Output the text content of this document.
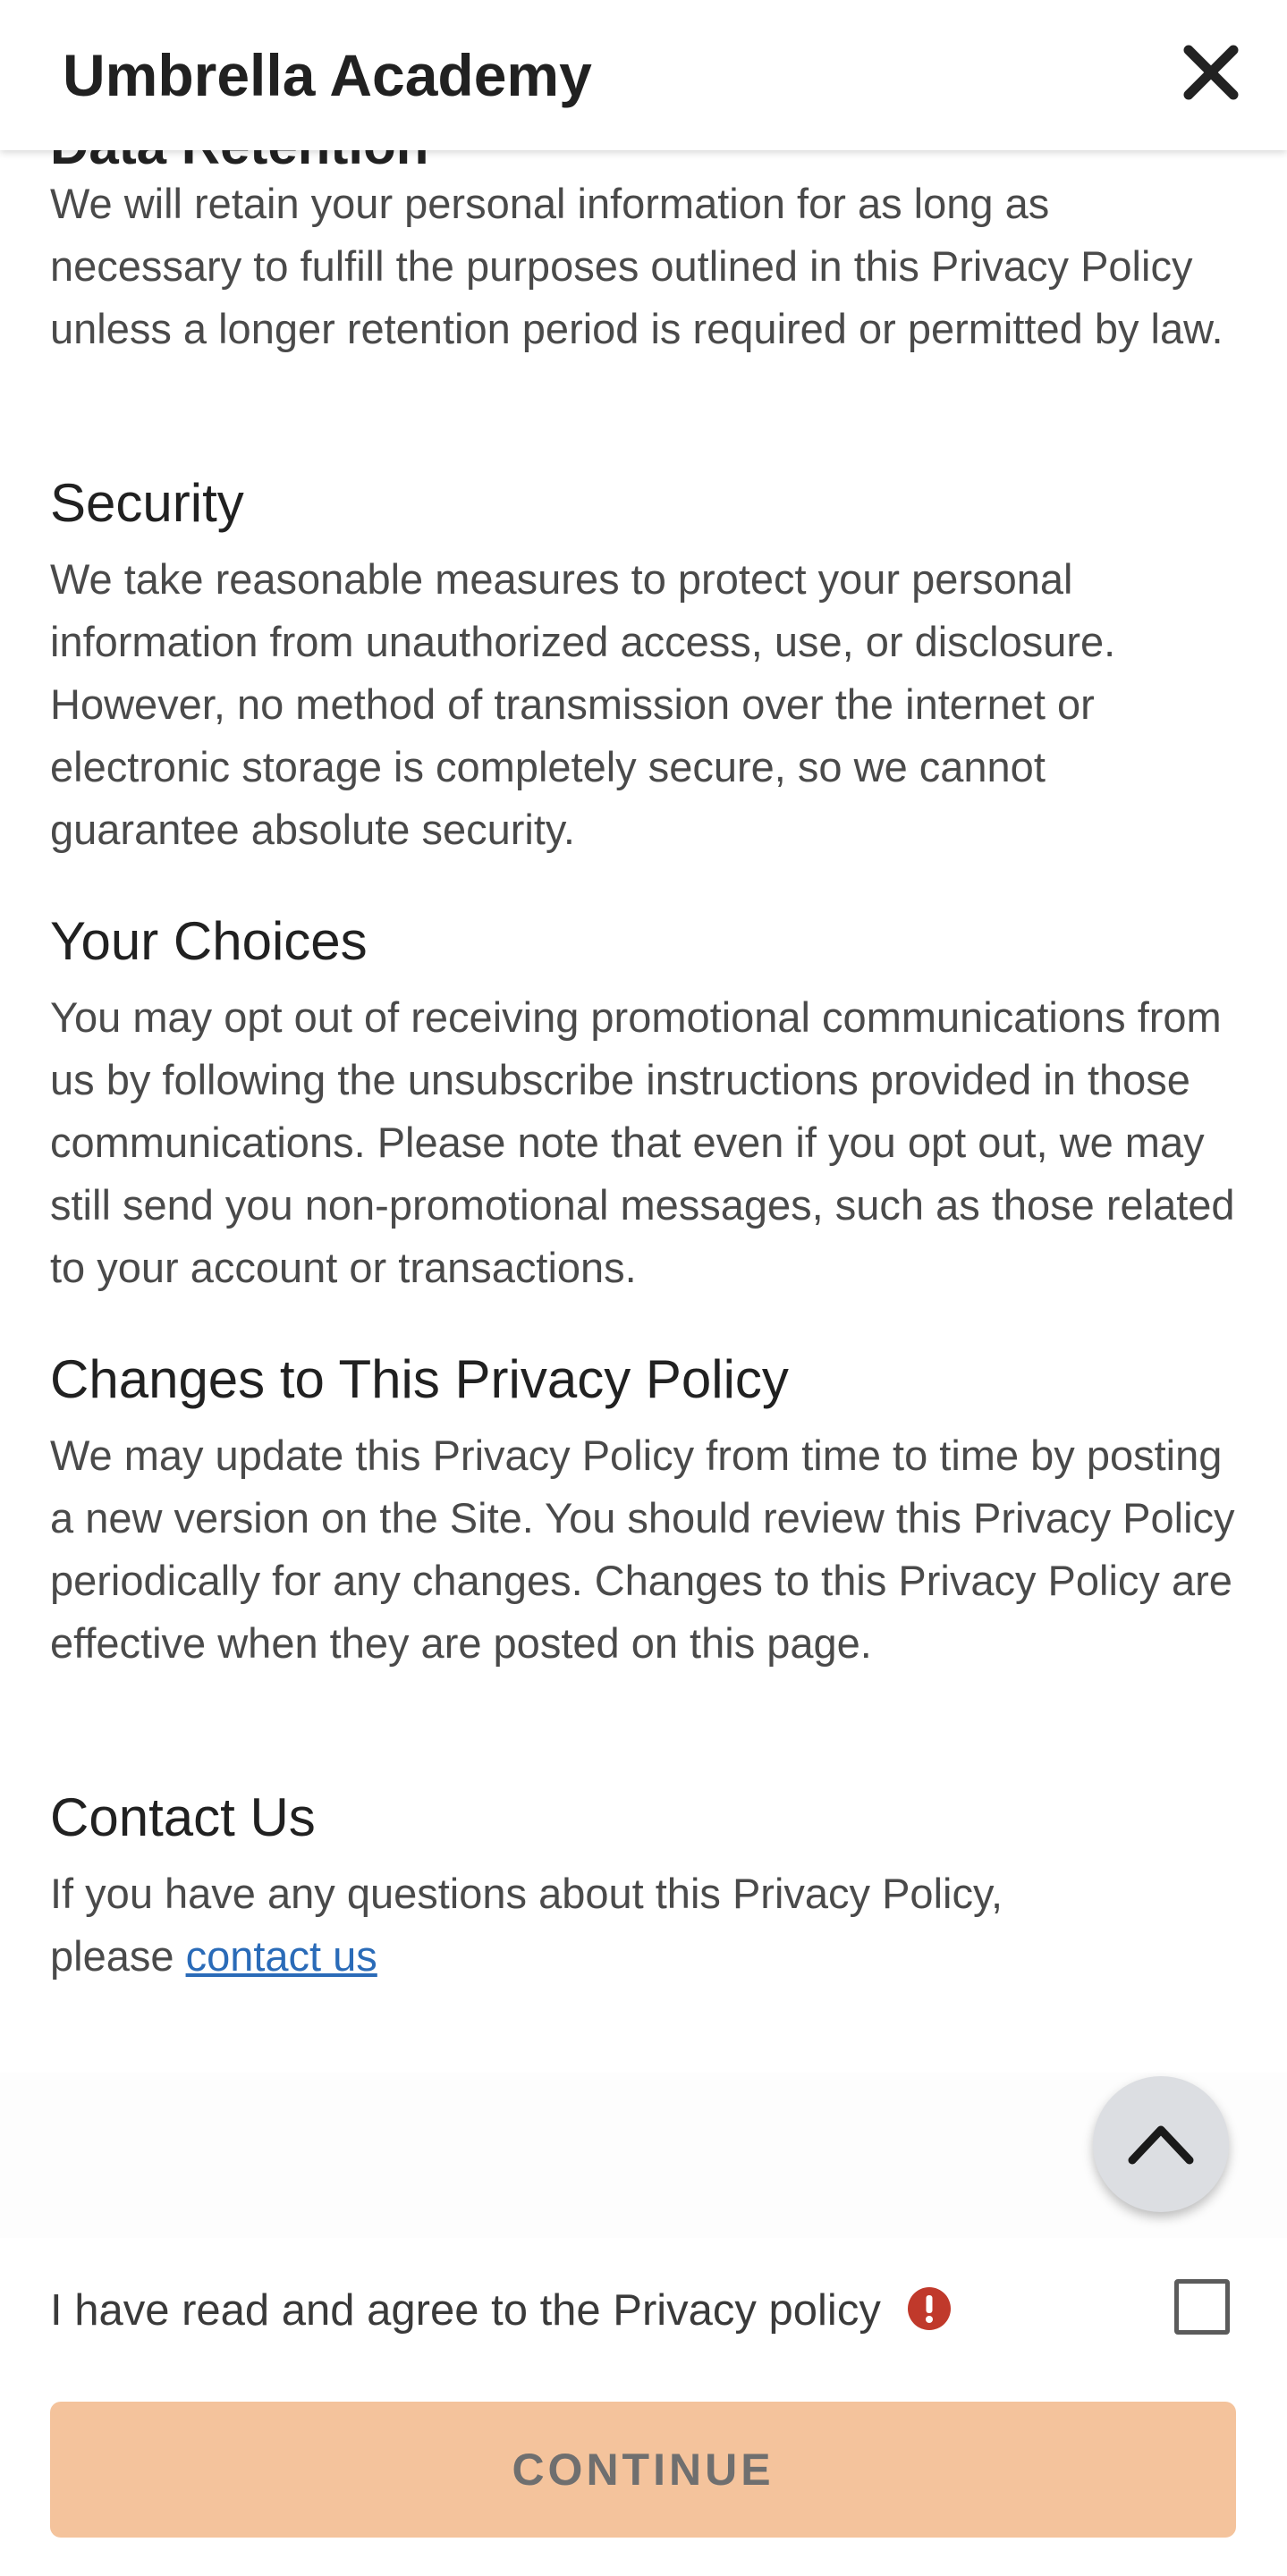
Umbrella Academy

We will retain your personal information for as long as necessary to fulfill the purposes outlined in this Privacy Policy unless a longer retention period is required or permitted by law.

Security

We take reasonable measures to protect your personal information from unauthorized access, use, or disclosure. However, no method of transmission over the internet or electronic storage is completely secure, so we cannot guarantee absolute security.

Your Choices

You may opt out of receiving promotional communications from us by following the unsubscribe instructions provided in those communications. Please note that even if you opt out, we may still send you non-promotional messages, such as those related to your account or transactions.

Changes to This Privacy Policy

We may update this Privacy Policy from time to time by posting a new version on the Site. You should review this Privacy Policy periodically for any changes. Changes to this Privacy Policy are effective when they are posted on this page.

Contact Us

If you have any questions about this Privacy Policy, please contact us

I have read and agree to the Privacy policy

CONTINUE
